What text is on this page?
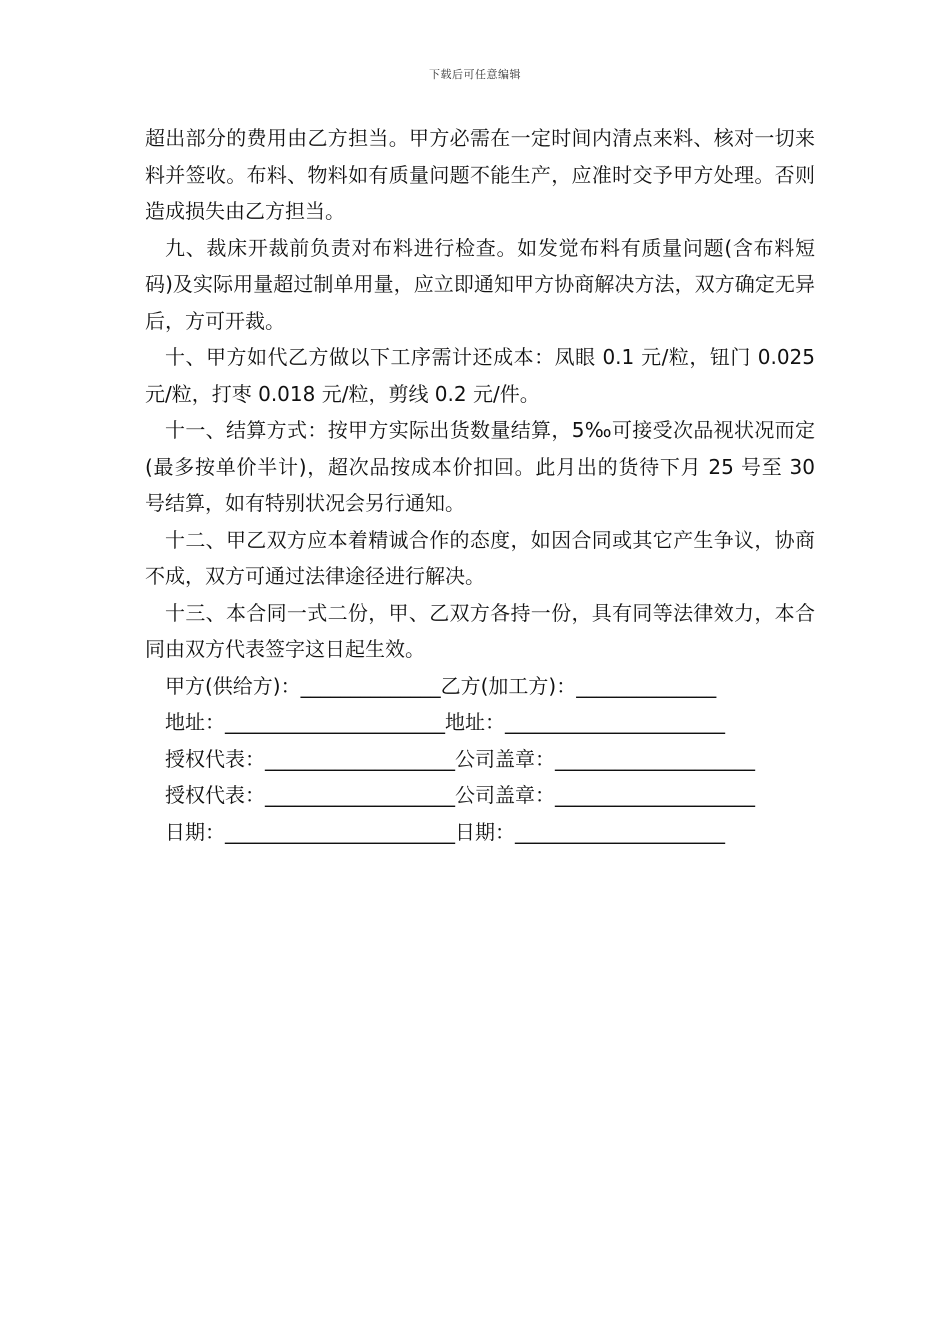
下载后可任意编辑

超出部分的费用由乙方担当。甲方必需在一定时间内清点来料、核对一切来料并签收。布料、物料如有质量问题不能生产，应准时交予甲方处理。否则造成损失由乙方担当。

九、裁床开裁前负责对布料进行检查。如发觉布料有质量问题(含布料短码)及实际用量超过制单用量，应立即通知甲方协商解决方法，双方确定无异后，方可开裁。

十、甲方如代乙方做以下工序需计还成本：凤眼 0.1 元/粒，钮门 0.025 元/粒，打枣 0.018 元/粒，剪线 0.2 元/件。

十一、结算方式：按甲方实际出货数量结算，5‰可接受次品视状况而定(最多按单价半计)，超次品按成本价扣回。此月出的货待下月 25 号至 30 号结算，如有特别状况会另行通知。

十二、甲乙双方应本着精诚合作的态度，如因合同或其它产生争议，协商不成，双方可通过法律途径进行解决。

十三、本合同一式二份，甲、乙双方各持一份，具有同等法律效力，本合同由双方代表签字这日起生效。

甲方(供给方)：______________乙方(加工方)：______________

地址：______________________地址：______________________

授权代表：___________________公司盖章：____________________

授权代表：___________________公司盖章：____________________

日期：_______________________日期：_____________________
